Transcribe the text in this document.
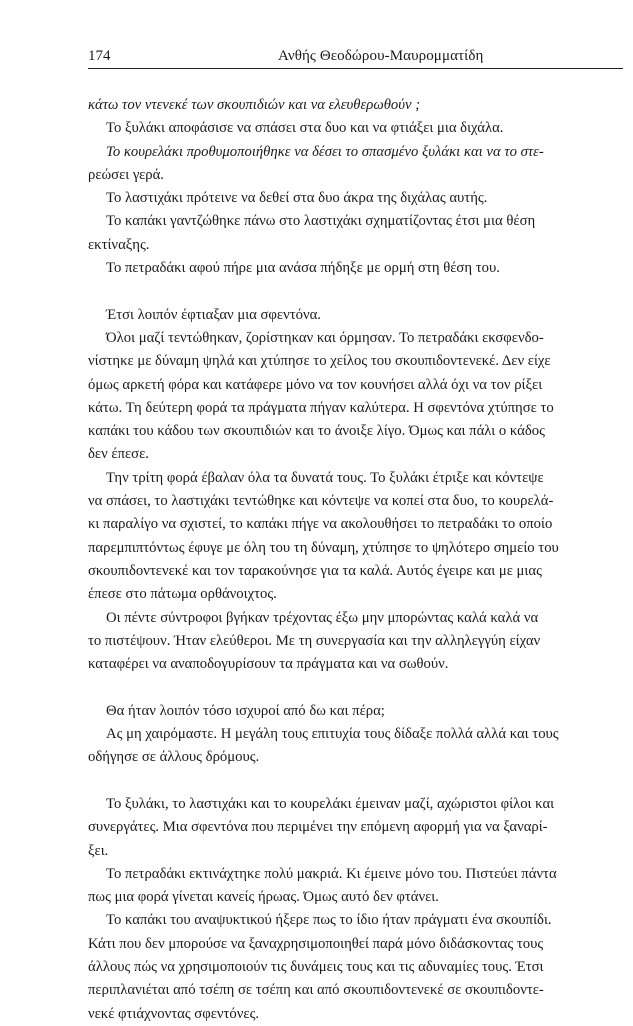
174	Ανθής Θεοδώρου-Μαυρομματίδη
κάτω τον ντενεκέ των σκουπιδιών και να ελευθερωθούν ;
Το ξυλάκι αποφάσισε να σπάσει στα δυο και να φτιάξει μια διχάλα.
Το κουρελάκι προθυμοποιήθηκε να δέσει το σπασμένο ξυλάκι και να το στε-
ρεώσει γερά.
Το λαστιχάκι πρότεινε να δεθεί στα δυο άκρα της διχάλας αυτής.
Το καπάκι γαντζώθηκε πάνω στο λαστιχάκι σχηματίζοντας έτσι μια θέση
εκτίναξης.
Το πετραδάκι αφού πήρε μια ανάσα πήδηξε με ορμή στη θέση του.
Έτσι λοιπόν έφτιαξαν μια σφεντόνα.
Όλοι μαζί τεντώθηκαν, ζορίστηκαν και όρμησαν. Το πετραδάκι εκσφενδο-
νίστηκε με δύναμη ψηλά και χτύπησε το χείλος του σκουπιδοντενεκέ. Δεν είχε
όμως αρκετή φόρα και κατάφερε μόνο να τον κουνήσει αλλά όχι να τον ρίξει
κάτω. Τη δεύτερη φορά τα πράγματα πήγαν καλύτερα. Η σφεντόνα χτύπησε το
καπάκι του κάδου των σκουπιδιών και το άνοιξε λίγο. Όμως και πάλι ο κάδος
δεν έπεσε.
Την τρίτη φορά έβαλαν όλα τα δυνατά τους. Το ξυλάκι έτριξε και κόντεψε
να σπάσει, το λαστιχάκι τεντώθηκε και κόντεψε να κοπεί στα δυο, το κουρελά-
κι παραλίγο να σχιστεί, το καπάκι πήγε να ακολουθήσει το πετραδάκι το οποίο
παρεμπιπτόντως έφυγε με όλη του τη δύναμη, χτύπησε το ψηλότερο σημείο του
σκουπιδοντενεκέ και τον ταρακούνησε για τα καλά. Αυτός έγειρε και με μιας
έπεσε στο πάτωμα ορθάνοιχτος.
Οι πέντε σύντροφοι βγήκαν τρέχοντας έξω μην μπορώντας καλά καλά να
το πιστέψουν. Ήταν ελεύθεροι. Με τη συνεργασία και την αλληλεγγύη είχαν
καταφέρει να αναποδογυρίσουν τα πράγματα και να σωθούν.
Θα ήταν λοιπόν τόσο ισχυροί από δω και πέρα;
Ας μη χαιρόμαστε. Η μεγάλη τους επιτυχία τους δίδαξε πολλά αλλά και τους
οδήγησε σε άλλους δρόμους.
Το ξυλάκι, το λαστιχάκι και το κουρελάκι έμειναν μαζί, αχώριστοι φίλοι και
συνεργάτες. Μια σφεντόνα που περιμένει την επόμενη αφορμή για να ξαναρί-
ξει.
Το πετραδάκι εκτινάχτηκε πολύ μακριά. Κι έμεινε μόνο του. Πιστεύει πάντα
πως μια φορά γίνεται κανείς ήρωας. Όμως αυτό δεν φτάνει.
Το καπάκι του αναψυκτικού ήξερε πως το ίδιο ήταν πράγματι ένα σκουπίδι.
Κάτι που δεν μπορούσε να ξαναχρησιμοποιηθεί παρά μόνο διδάσκοντας τους
άλλους πώς να χρησιμοποιούν τις δυνάμεις τους και τις αδυναμίες τους. Έτσι
περιπλανιέται από τσέπη σε τσέπη και από σκουπιδοντενεκέ σε σκουπιδοντε-
νεκέ φτιάχνοντας σφεντόνες.
